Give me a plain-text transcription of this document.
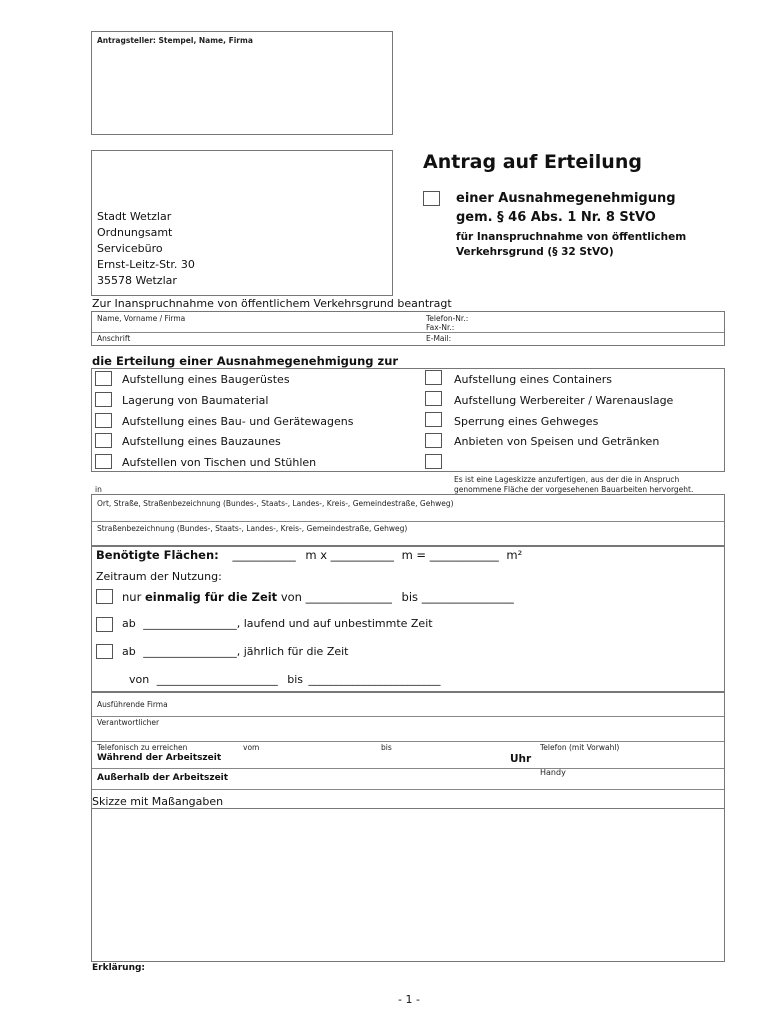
Antragsteller: Stempel, Name, Firma
Stadt Wetzlar
Ordnungsamt
Servicebüro
Ernst-Leitz-Str. 30
35578 Wetzlar
Antrag auf Erteilung
einer Ausnahmegenehmigung
gem. § 46 Abs. 1 Nr. 8 StVO
für Inanspruchnahme von öffentlichem
Verkehrsgrund (§ 32 StVO)
Zur Inanspruchnahme von öffentlichem Verkehrsgrund beantragt
Name, Vorname / Firma	Telefon-Nr.:
Fax-Nr.:
Anschrift	E-Mail:
die Erteilung einer Ausnahmegenehmigung zur
Aufstellung eines Baugerüstes
Lagerung von Baumaterial
Aufstellung eines Bau- und Gerätewagens
Aufstellung eines Bauzaunes
Aufstellen von Tischen und Stühlen
Aufstellung eines Containers
Aufstellung Werbereiter / Warenauslage
Sperrung eines Gehweges
Anbieten von Speisen und Getränken
Es ist eine Lageskizze anzufertigen, aus der die in Anspruch
genommene Fläche der vorgesehenen Bauarbeiten hervorgeht.
in
Ort, Straße, Straßenbezeichnung (Bundes-, Staats-, Landes-, Kreis-, Gemeindestraße, Gehweg)
Straßenbezeichnung (Bundes-, Staats-, Landes-, Kreis-, Gemeindestraße, Gehweg)
Benötigte Flächen: ___________ m x ___________ m = ____________ m²
Zeitraum der Nutzung:
nur einmalig für die Zeit von _______________ bis ________________
ab _________________, laufend und auf unbestimmte Zeit
ab _________________, jährlich für die Zeit
von ______________________ bis ________________________
Ausführende Firma
Verantwortlicher
Telefonisch zu erreichen	vom	bis	Telefon (mit Vorwahl)
Während der Arbeitszeit	Uhr
Handy
Außerhalb der Arbeitszeit
Skizze mit Maßangaben
Erklärung:
- 1 -
